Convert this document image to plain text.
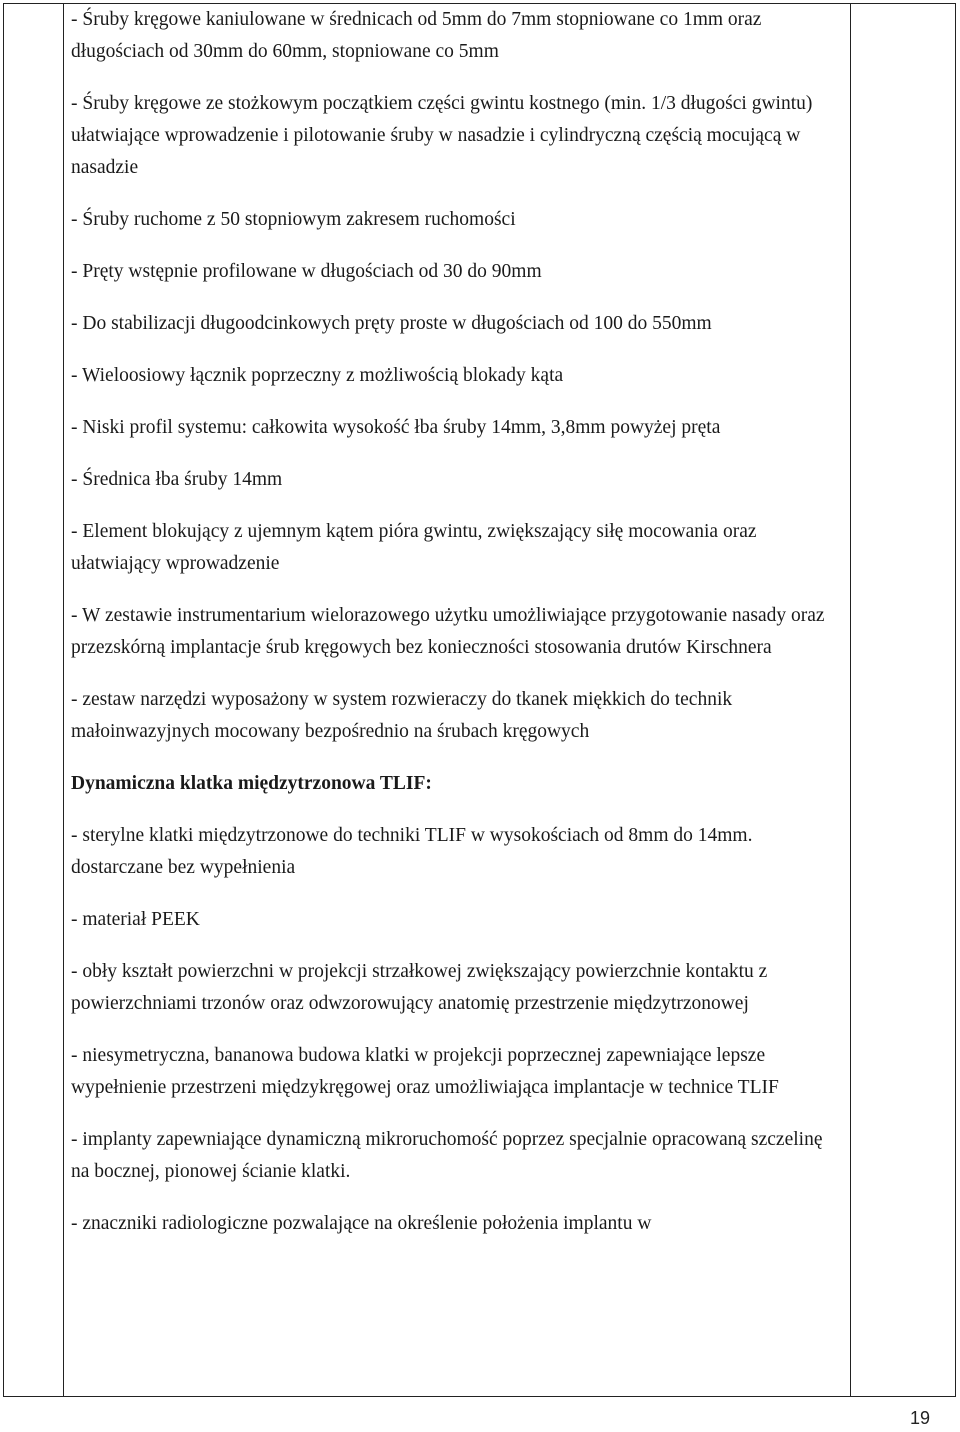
- Śruby kręgowe kaniulowane w średnicach od 5mm do 7mm stopniowane co 1mm oraz długościach od 30mm do 60mm, stopniowane co 5mm

- Śruby kręgowe ze stożkowym początkiem części gwintu kostnego (min. 1/3 długości gwintu) ułatwiające wprowadzenie i pilotowanie śruby w nasadzie i cylindryczną częścią mocującą w nasadzie

- Śruby ruchome z 50 stopniowym zakresem ruchomości

- Pręty wstępnie profilowane w długościach od 30 do 90mm

- Do stabilizacji długoodcinkowych pręty proste w długościach od 100 do 550mm

- Wieloosiowy łącznik poprzeczny z możliwością blokady kąta

- Niski profil systemu: całkowita wysokość łba śruby 14mm, 3,8mm powyżej pręta

- Średnica łba śruby 14mm

- Element blokujący z ujemnym kątem pióra gwintu, zwiększający siłę mocowania oraz ułatwiający wprowadzenie

- W zestawie instrumentarium wielorazowego użytku umożliwiające przygotowanie nasady oraz przezskórną implantacje śrub kręgowych bez konieczności stosowania drutów Kirschnera

- zestaw narzędzi wyposażony w system rozwieraczy do tkanek miękkich do technik małoinwazyjnych mocowany bezpośrednio na śrubach kręgowych

Dynamiczna klatka międzytrzonowa TLIF:

- sterylne klatki międzytrzonowe do techniki TLIF w wysokościach od 8mm do 14mm. dostarczane bez wypełnienia

- materiał PEEK

- obły kształt powierzchni w projekcji strzałkowej zwiększający powierzchnie kontaktu z powierzchniami trzonów oraz odwzorowujący anatomię przestrzenie międzytrzonowej

- niesymetryczna, bananowa budowa klatki w projekcji poprzecznej zapewniające lepsze wypełnienie przestrzeni międzykręgowej oraz umożliwiająca implantacje w technice TLIF

- implanty zapewniające dynamiczną mikroruchomość poprzez specjalnie opracowaną szczelinę na bocznej, pionowej ścianie klatki.

- znaczniki radiologiczne pozwalające na określenie położenia implantu w

19
